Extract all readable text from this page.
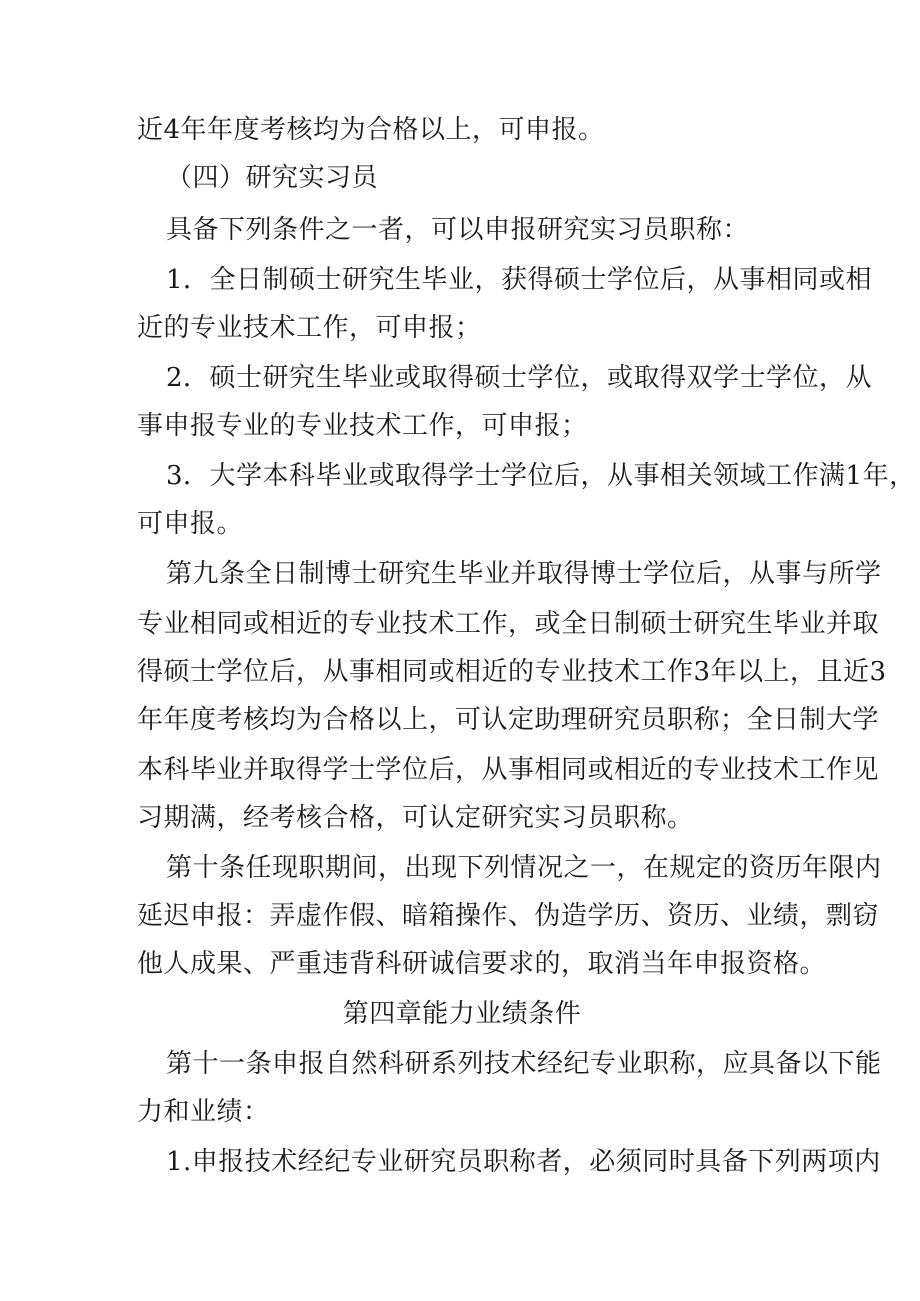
近4年年度考核均为合格以上，可申报。
（四）研究实习员
具备下列条件之一者，可以申报研究实习员职称：
1．全日制硕士研究生毕业，获得硕士学位后，从事相同或相
近的专业技术工作，可申报；
2．硕士研究生毕业或取得硕士学位，或取得双学士学位，从
事申报专业的专业技术工作，可申报；
3．大学本科毕业或取得学士学位后，从事相关领域工作满1年，
可申报。
第九条全日制博士研究生毕业并取得博士学位后，从事与所学
专业相同或相近的专业技术工作，或全日制硕士研究生毕业并取
得硕士学位后，从事相同或相近的专业技术工作3年以上，且近3
年年度考核均为合格以上，可认定助理研究员职称；全日制大学
本科毕业并取得学士学位后，从事相同或相近的专业技术工作见
习期满，经考核合格，可认定研究实习员职称。
第十条任现职期间，出现下列情况之一，在规定的资历年限内
延迟申报：弄虚作假、暗箱操作、伪造学历、资历、业绩，剽窃
他人成果、严重违背科研诚信要求的，取消当年申报资格。
第四章能力业绩条件
第十一条申报自然科研系列技术经纪专业职称，应具备以下能
力和业绩：
1.申报技术经纪专业研究员职称者，必须同时具备下列两项内
